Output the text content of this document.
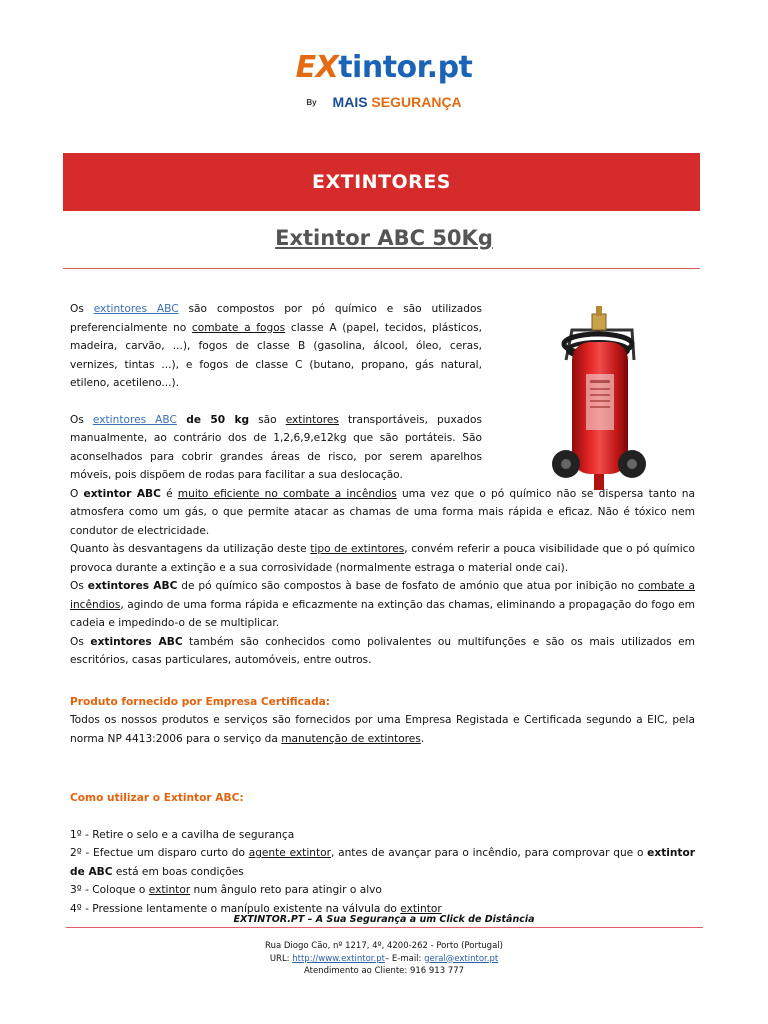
EXtintor.pt
By MAIS SEGURANÇA
EXTINTORES
Extintor ABC 50Kg

Os extintores ABC são compostos por pó químico e são utilizados preferencialmente no combate a fogos classe A (papel, tecidos, plásticos, madeira, carvão, ...), fogos de classe B (gasolina, álcool, óleo, ceras, vernizes, tintas ...), e fogos de classe C (butano, propano, gás natural, etileno, acetileno...).

Os extintores ABC de 50 kg são extintores transportáveis, puxados manualmente, ao contrário dos de 1,2,6,9,e12kg que são portáteis. São aconselhados para cobrir grandes áreas de risco, por serem aparelhos móveis, pois dispõem de rodas para facilitar a sua deslocação.

O extintor ABC é muito eficiente no combate a incêndios uma vez que o pó químico não se dispersa tanto na atmosfera como um gás, o que permite atacar as chamas de uma forma mais rápida e eficaz. Não é tóxico nem condutor de electricidade.

Quanto às desvantagens da utilização deste tipo de extintores, convém referir a pouca visibilidade que o pó químico provoca durante a extinção e a sua corrosividade (normalmente estraga o material onde cai).

Os extintores ABC de pó químico são compostos à base de fosfato de amónio que atua por inibição no combate a incêndios, agindo de uma forma rápida e eficazmente na extinção das chamas, eliminando a propagação do fogo em cadeia e impedindo-o de se multiplicar.

Os extintores ABC também são conhecidos como polivalentes ou multifunções e são os mais utilizados em escritórios, casas particulares, automóveis, entre outros.

Produto fornecido por Empresa Certificada:

Todos os nossos produtos e serviços são fornecidos por uma Empresa Registada e Certificada segundo a EIC, pela norma NP 4413:2006 para o serviço da manutenção de extintores.

Como utilizar o Extintor ABC:

1º - Retire o selo e a cavilha de segurança

2º - Efectue um disparo curto do agente extintor, antes de avançar para o incêndio, para comprovar que o extintor de ABC está em boas condições

3º - Coloque o extintor num ângulo reto para atingir o alvo

4º - Pressione lentamente o manípulo existente na válvula do extintor

EXTINTOR.PT – A Sua Segurança a um Click de Distância
Rua Diogo Cão, nº 1217, 4º, 4200-262 - Porto (Portugal)
URL: http://www.extintor.pt– E-mail: geral@extintor.pt
Atendimento ao Cliente: 916 913 777
